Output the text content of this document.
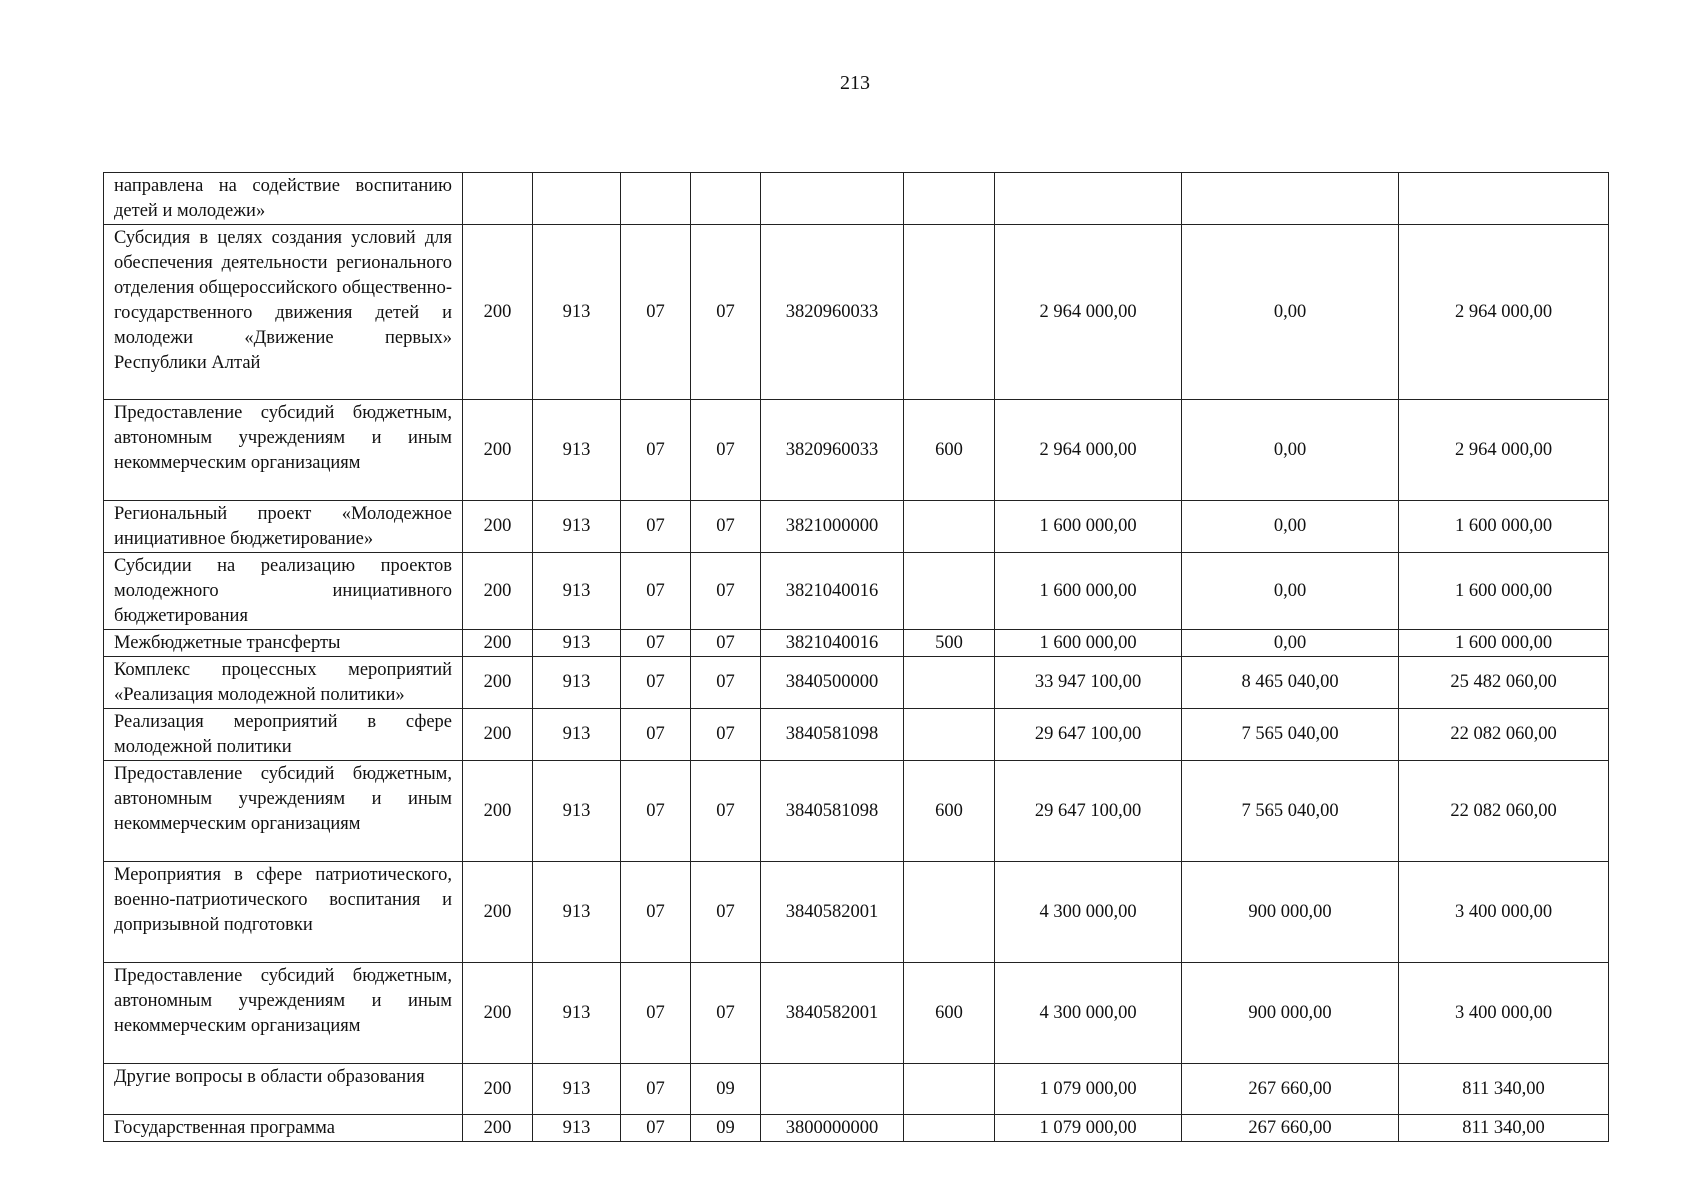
213
направлена на содействие воспитанию детей и молодежи»									
Субсидия в целях создания условий для обеспечения деятельности регионального отделения общероссийского общественно-государственного движения детей и молодежи «Движение первых» Республики Алтай	200	913	07	07	3820960033		2 964 000,00	0,00	2 964 000,00
Предоставление субсидий бюджетным, автономным учреждениям и иным некоммерческим организациям	200	913	07	07	3820960033	600	2 964 000,00	0,00	2 964 000,00
Региональный проект «Молодежное инициативное бюджетирование»	200	913	07	07	3821000000		1 600 000,00	0,00	1 600 000,00
Субсидии на реализацию проектов молодежного инициативного бюджетирования	200	913	07	07	3821040016		1 600 000,00	0,00	1 600 000,00
Межбюджетные трансферты	200	913	07	07	3821040016	500	1 600 000,00	0,00	1 600 000,00
Комплекс процессных мероприятий «Реализация молодежной политики»	200	913	07	07	3840500000		33 947 100,00	8 465 040,00	25 482 060,00
Реализация мероприятий в сфере молодежной политики	200	913	07	07	3840581098		29 647 100,00	7 565 040,00	22 082 060,00
Предоставление субсидий бюджетным, автономным учреждениям и иным некоммерческим организациям	200	913	07	07	3840581098	600	29 647 100,00	7 565 040,00	22 082 060,00
Мероприятия в сфере патриотического, военно-патриотического воспитания и допризывной подготовки	200	913	07	07	3840582001		4 300 000,00	900 000,00	3 400 000,00
Предоставление субсидий бюджетным, автономным учреждениям и иным некоммерческим организациям	200	913	07	07	3840582001	600	4 300 000,00	900 000,00	3 400 000,00
Другие вопросы в области образования	200	913	07	09			1 079 000,00	267 660,00	811 340,00
Государственная программа	200	913	07	09	3800000000		1 079 000,00	267 660,00	811 340,00
